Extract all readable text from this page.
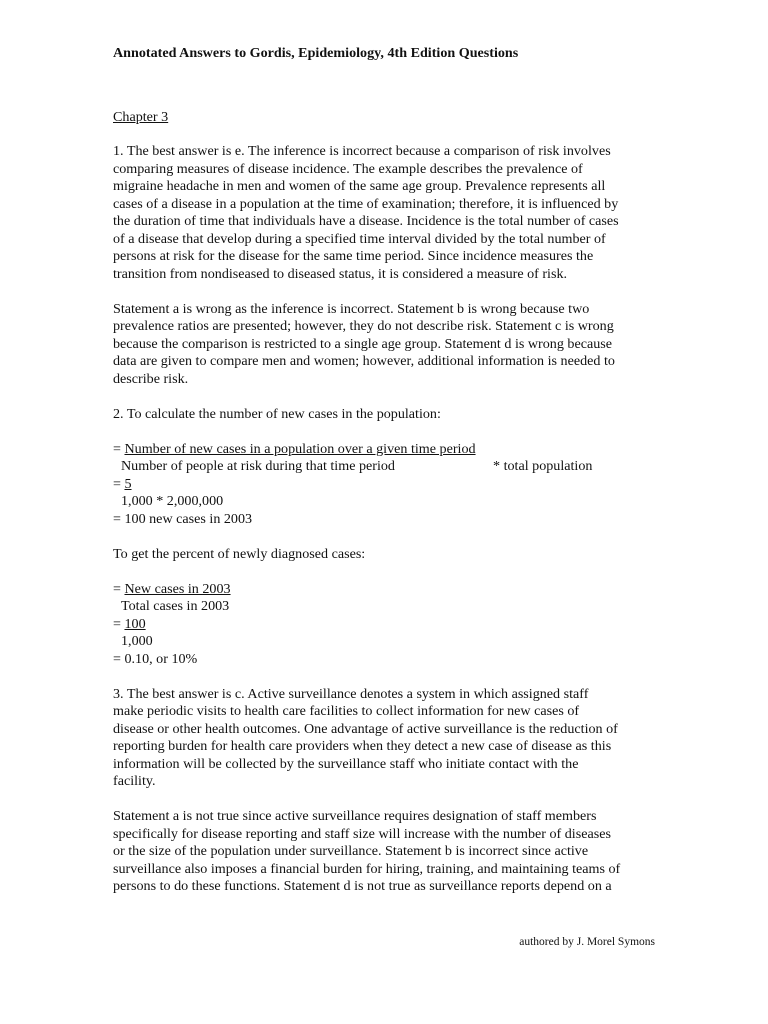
Annotated Answers to Gordis, Epidemiology, 4th Edition Questions

Chapter 3

1. The best answer is e. The inference is incorrect because a comparison of risk involves
comparing measures of disease incidence. The example describes the prevalence of
migraine headache in men and women of the same age group. Prevalence represents all
cases of a disease in a population at the time of examination; therefore, it is influenced by
the duration of time that individuals have a disease. Incidence is the total number of cases
of a disease that develop during a specified time interval divided by the total number of
persons at risk for the disease for the same time period. Since incidence measures the
transition from nondiseased to diseased status, it is considered a measure of risk.

Statement a is wrong as the inference is incorrect. Statement b is wrong because two
prevalence ratios are presented; however, they do not describe risk. Statement c is wrong
because the comparison is restricted to a single age group. Statement d is wrong because
data are given to compare men and women; however, additional information is needed to
describe risk.

2. To calculate the number of new cases in the population:

= Number of new cases in a population over a given time period
Number of people at risk during that time period	* total population
= 5
1,000 * 2,000,000
= 100 new cases in 2003

To get the percent of newly diagnosed cases:

= New cases in 2003
Total cases in 2003
= 100
1,000
= 0.10, or 10%

3. The best answer is c. Active surveillance denotes a system in which assigned staff
make periodic visits to health care facilities to collect information for new cases of
disease or other health outcomes. One advantage of active surveillance is the reduction of
reporting burden for health care providers when they detect a new case of disease as this
information will be collected by the surveillance staff who initiate contact with the
facility.

Statement a is not true since active surveillance requires designation of staff members
specifically for disease reporting and staff size will increase with the number of diseases
or the size of the population under surveillance. Statement b is incorrect since active
surveillance also imposes a financial burden for hiring, training, and maintaining teams of
persons to do these functions. Statement d is not true as surveillance reports depend on a

authored by J. Morel Symons
